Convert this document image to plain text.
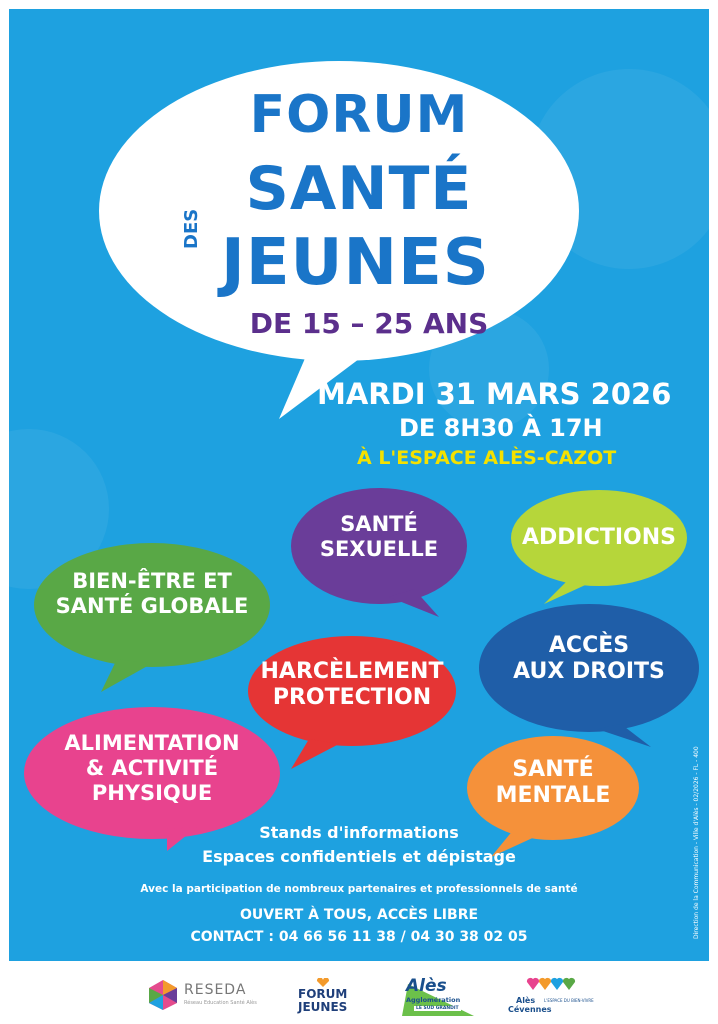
FORUM
SANTÉ
DES JEUNES
DE 15 – 25 ANS
MARDI 31 MARS 2026
DE 8H30 À 17H
À L'ESPACE ALÈS-CAZOT
SANTÉ
SEXUELLE	ADDICTIONS
BIEN-ÊTRE ET
SANTÉ GLOBALE
ACCÈS
AUX DROITS
HARCÈLEMENT
PROTECTION
ALIMENTATION
& ACTIVITÉ
PHYSIQUE
SANTÉ
MENTALE
Stands d'informations
Espaces confidentiels et dépistage
Avec la participation de nombreux partenaires et professionnels de santé
OUVERT À TOUS, ACCÈS LIBRE
CONTACT : 04 66 56 11 38 / 04 30 38 02 05	Direction de la Communication - Ville d'Alès - 02/2026 - FL - 400
RESEDA
Réseau Education Santé Alès
FORUM
JEUNES
Alès
Agglomération
LE SUD GRANDIT
Alès
Cévennes
L'ESPACE DU BIEN-VIVRE
